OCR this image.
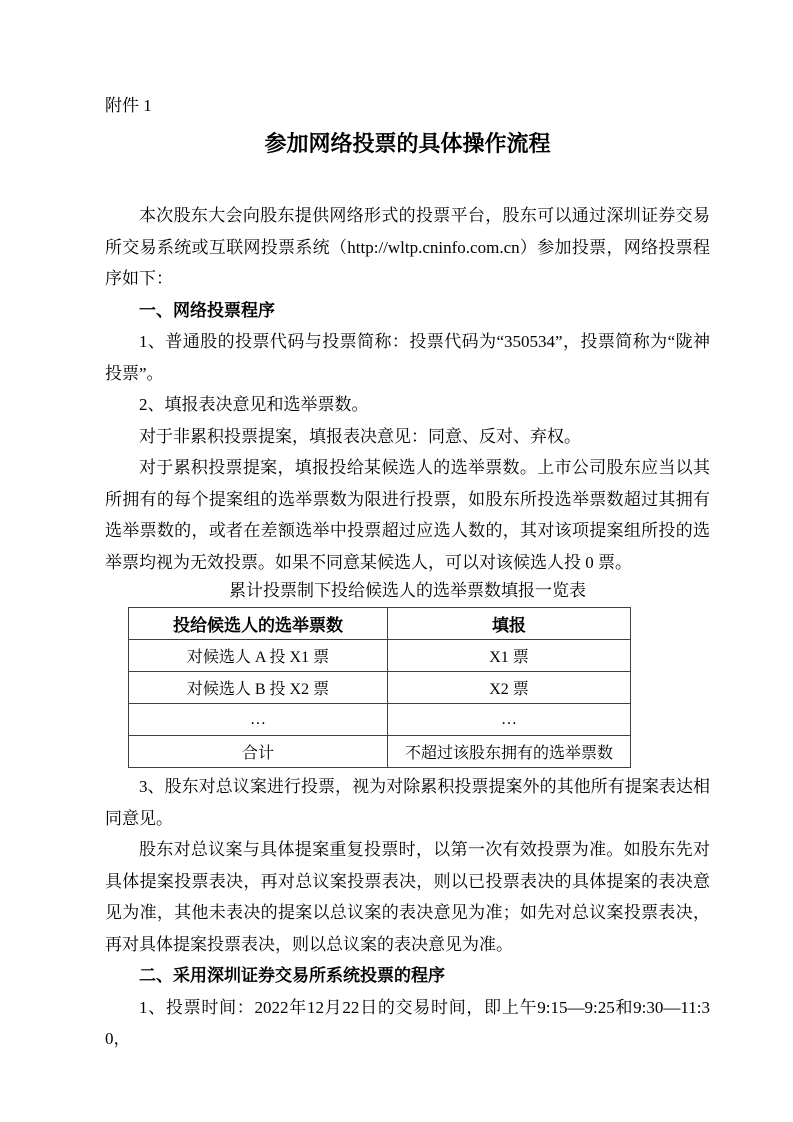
附件 1

参加网络投票的具体操作流程

本次股东大会向股东提供网络形式的投票平台，股东可以通过深圳证券交易所交易系统或互联网投票系统（http://wltp.cninfo.com.cn）参加投票，网络投票程序如下：

一、网络投票程序

1、普通股的投票代码与投票简称：投票代码为“350534”，投票简称为“陇神投票”。

2、填报表决意见和选举票数。

对于非累积投票提案，填报表决意见：同意、反对、弃权。

对于累积投票提案，填报投给某候选人的选举票数。上市公司股东应当以其所拥有的每个提案组的选举票数为限进行投票，如股东所投选举票数超过其拥有选举票数的，或者在差额选举中投票超过应选人数的，其对该项提案组所投的选举票均视为无效投票。如果不同意某候选人，可以对该候选人投 0 票。

累计投票制下投给候选人的选举票数填报一览表

投给候选人的选举票数	填报
对候选人 A 投 X1 票	X1 票
对候选人 B 投 X2 票	X2 票
…	…
合计	不超过该股东拥有的选举票数

3、股东对总议案进行投票，视为对除累积投票提案外的其他所有提案表达相同意见。

股东对总议案与具体提案重复投票时，以第一次有效投票为准。如股东先对具体提案投票表决，再对总议案投票表决，则以已投票表决的具体提案的表决意见为准，其他未表决的提案以总议案的表决意见为准；如先对总议案投票表决，再对具体提案投票表决，则以总议案的表决意见为准。

二、采用深圳证券交易所系统投票的程序

1、投票时间：2022年12月22日的交易时间，即上午9:15—9:25和9:30—11:30，
